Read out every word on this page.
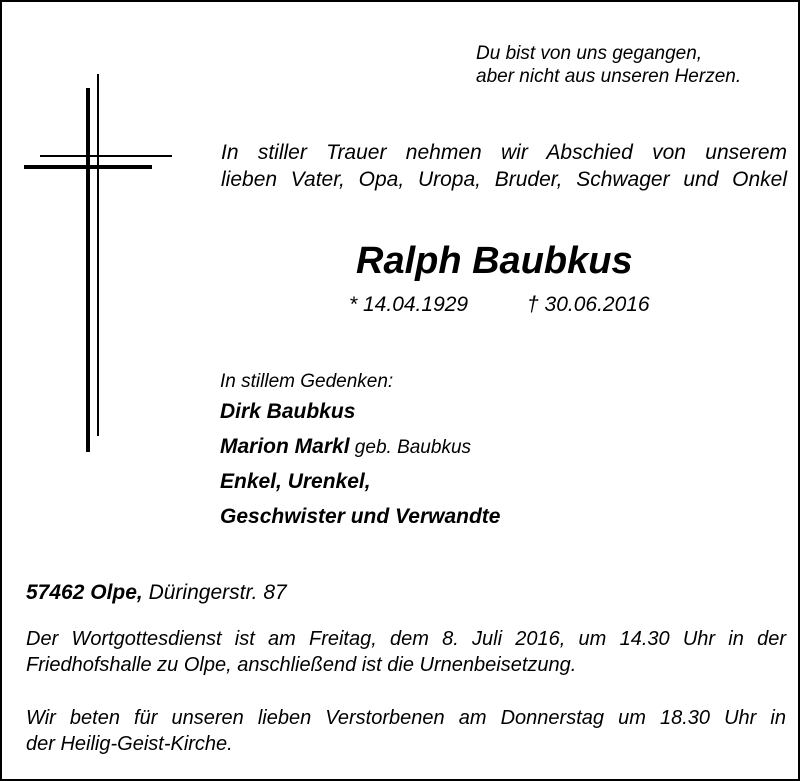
Du bist von uns gegangen,
aber nicht aus unseren Herzen.
In stiller Trauer nehmen wir Abschied von unserem
lieben Vater, Opa, Uropa, Bruder, Schwager und Onkel
Ralph Baubkus
* 14.04.1929	† 30.06.2016
In stillem Gedenken:
Dirk Baubkus
Marion Markl geb. Baubkus
Enkel, Urenkel,
Geschwister und Verwandte
57462 Olpe, Düringerstr. 87
Der Wortgottesdienst ist am Freitag, dem 8. Juli 2016, um 14.30 Uhr in der
Friedhofshalle zu Olpe, anschließend ist die Urnenbeisetzung.
Wir beten für unseren lieben Verstorbenen am Donnerstag um 18.30 Uhr in
der Heilig-Geist-Kirche.
